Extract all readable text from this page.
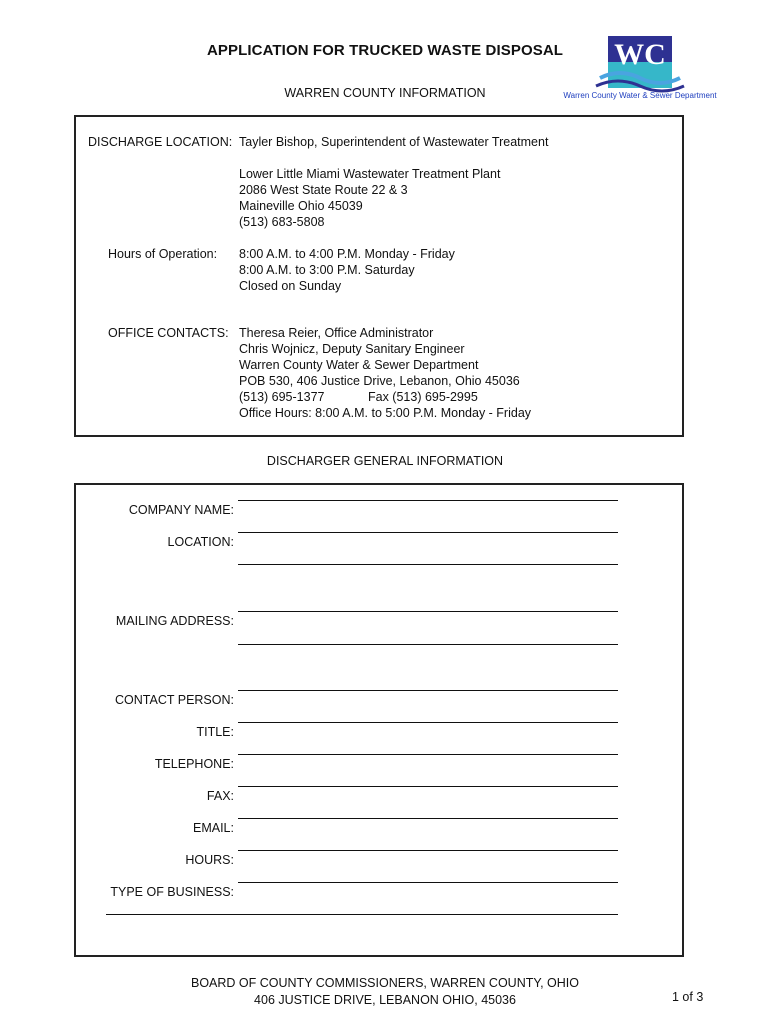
APPLICATION FOR TRUCKED WASTE DISPOSAL	WC
Warren County Water & Sewer Department
WARREN COUNTY INFORMATION
DISCHARGE LOCATION: Tayler Bishop, Superintendent of Wastewater Treatment
Lower Little Miami Wastewater Treatment Plant
2086 West State Route 22 & 3
Maineville Ohio 45039
(513) 683-5808
Hours of Operation: 8:00 A.M. to 4:00 P.M. Monday - Friday
8:00 A.M. to 3:00 P.M. Saturday
Closed on Sunday
OFFICE CONTACTS: Theresa Reier, Office Administrator
Chris Wojnicz, Deputy Sanitary Engineer
Warren County Water & Sewer Department
POB 530, 406 Justice Drive, Lebanon, Ohio 45036
(513) 695-1377	Fax (513) 695-2995
Office Hours: 8:00 A.M. to 5:00 P.M. Monday - Friday
DISCHARGER GENERAL INFORMATION
COMPANY NAME:
LOCATION:
MAILING ADDRESS:
CONTACT PERSON:
TITLE:
TELEPHONE:
FAX:
EMAIL:
HOURS:
TYPE OF BUSINESS:
BOARD OF COUNTY COMMISSIONERS, WARREN COUNTY, OHIO
406 JUSTICE DRIVE, LEBANON OHIO, 45036	1 of 3
